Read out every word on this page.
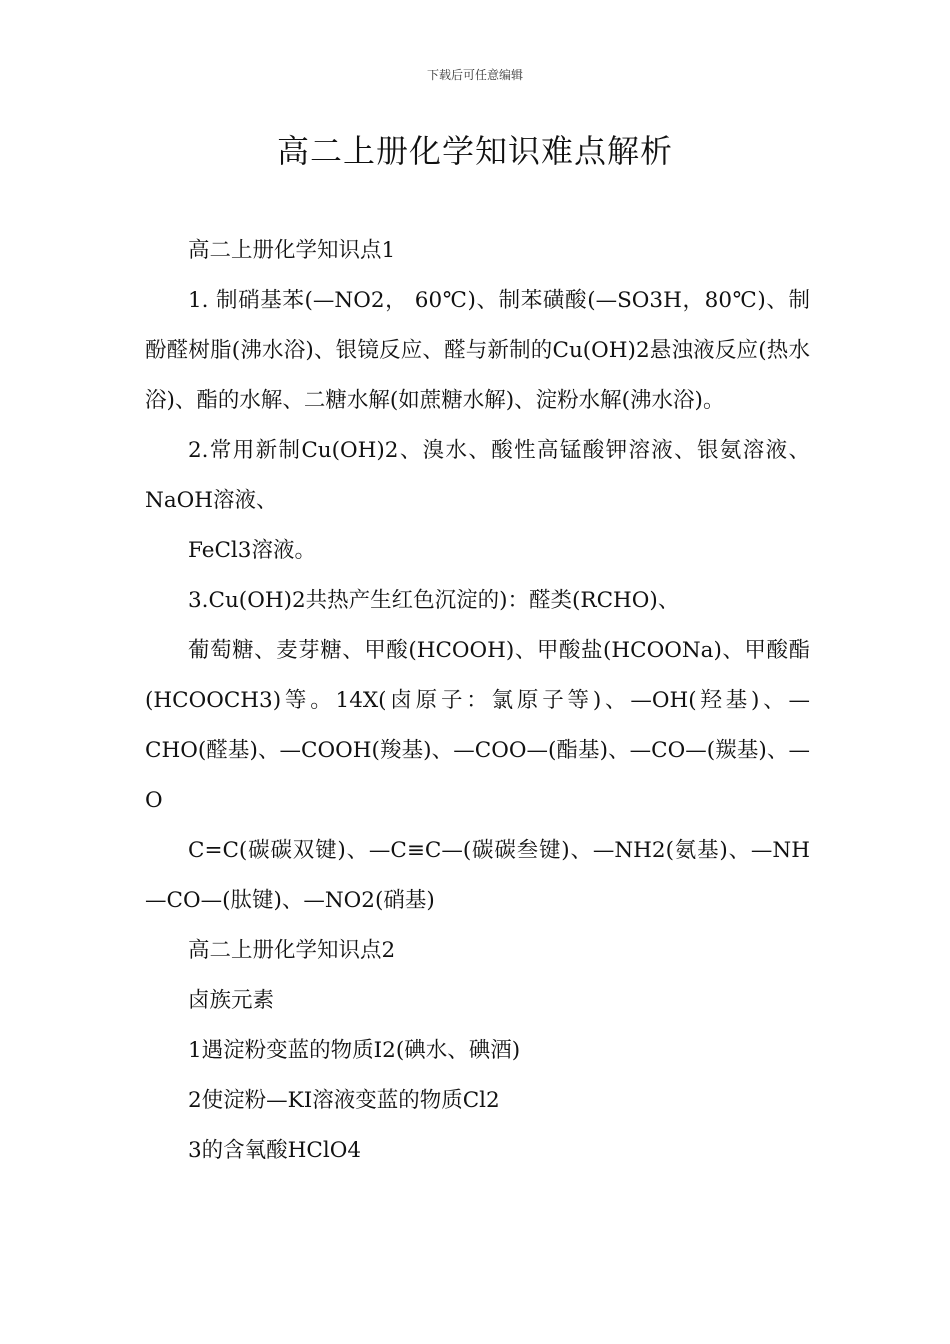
下载后可任意编辑
高二上册化学知识难点解析

高二上册化学知识点1

1. 制硝基苯(—NO2， 60℃)、制苯磺酸(—SO3H，80℃)、制酚醛树脂(沸水浴)、银镜反应、醛与新制的Cu(OH)2悬浊液反应(热水浴)、酯的水解、二糖水解(如蔗糖水解)、淀粉水解(沸水浴)。

2.常用新制Cu(OH)2、溴水、酸性高锰酸钾溶液、银氨溶液、NaOH溶液、

FeCl3溶液。

3.Cu(OH)2共热产生红色沉淀的)：醛类(RCHO)、

葡萄糖、麦芽糖、甲酸(HCOOH)、甲酸盐(HCOONa)、甲酸酯(HCOOCH3)等。14X(卤原子：氯原子等)、—OH(羟基)、—CHO(醛基)、—COOH(羧基)、—COO—(酯基)、—CO—(羰基)、—O

C=C(碳碳双键)、—C≡C—(碳碳叁键)、—NH2(氨基)、—NH—CO—(肽键)、—NO2(硝基)

高二上册化学知识点2

卤族元素

1遇淀粉变蓝的物质I2(碘水、碘酒)

2使淀粉—KI溶液变蓝的物质Cl2

3的含氧酸HClO4
